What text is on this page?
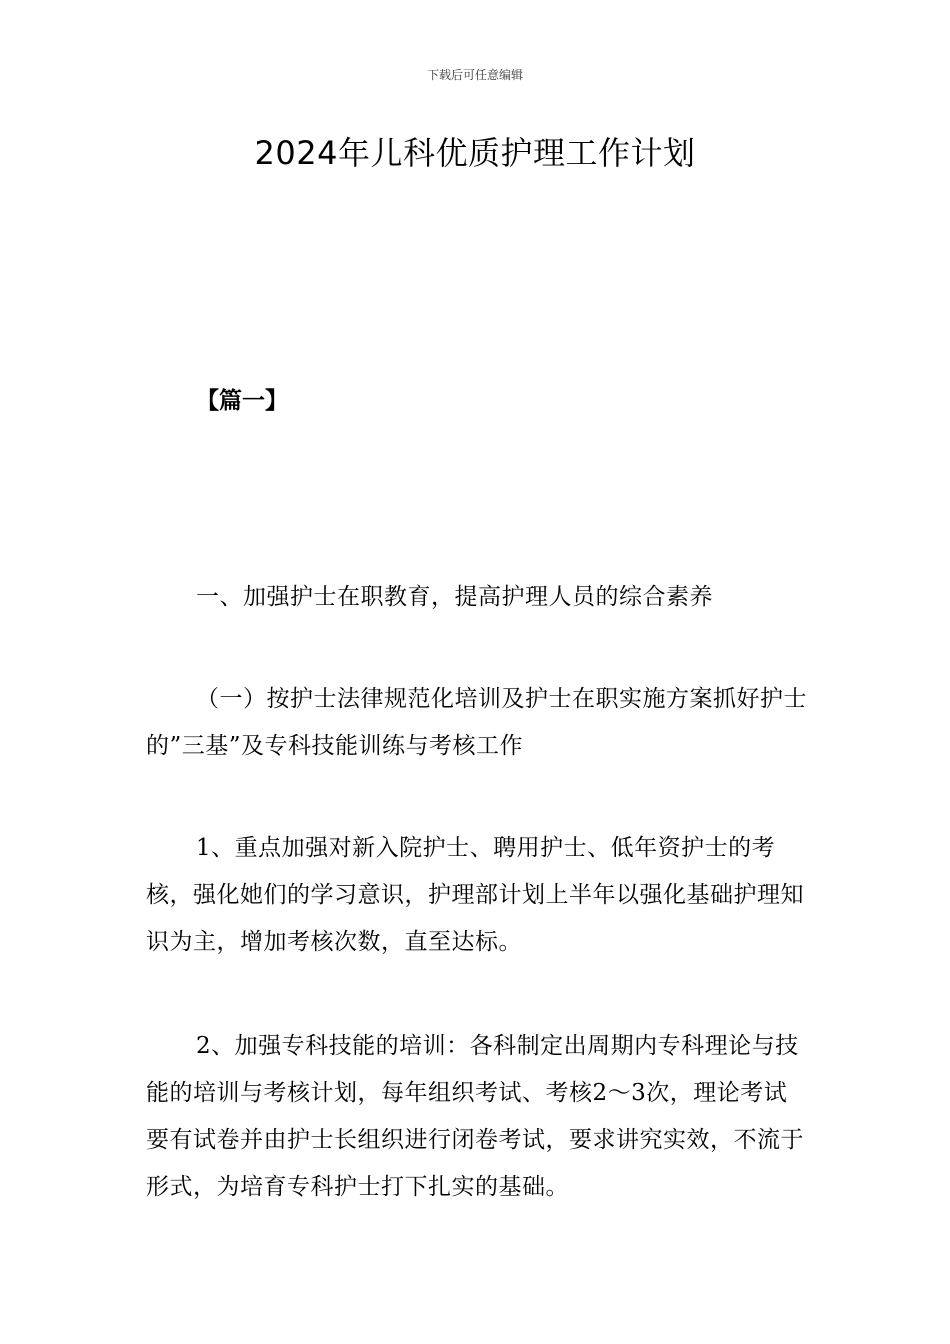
下载后可任意编辑
2024年儿科优质护理工作计划
【篇一】

一、加强护士在职教育，提高护理人员的综合素养

（一）按护士法律规范化培训及护士在职实施方案抓好护士的”三基”及专科技能训练与考核工作

1、重点加强对新入院护士、聘用护士、低年资护士的考核，强化她们的学习意识，护理部计划上半年以强化基础护理知识为主，增加考核次数，直至达标。

2、加强专科技能的培训：各科制定出周期内专科理论与技能的培训与考核计划，每年组织考试、考核2～3次，理论考试要有试卷并由护士长组织进行闭卷考试，要求讲究实效，不流于形式，为培育专科护士打下扎实的基础。
